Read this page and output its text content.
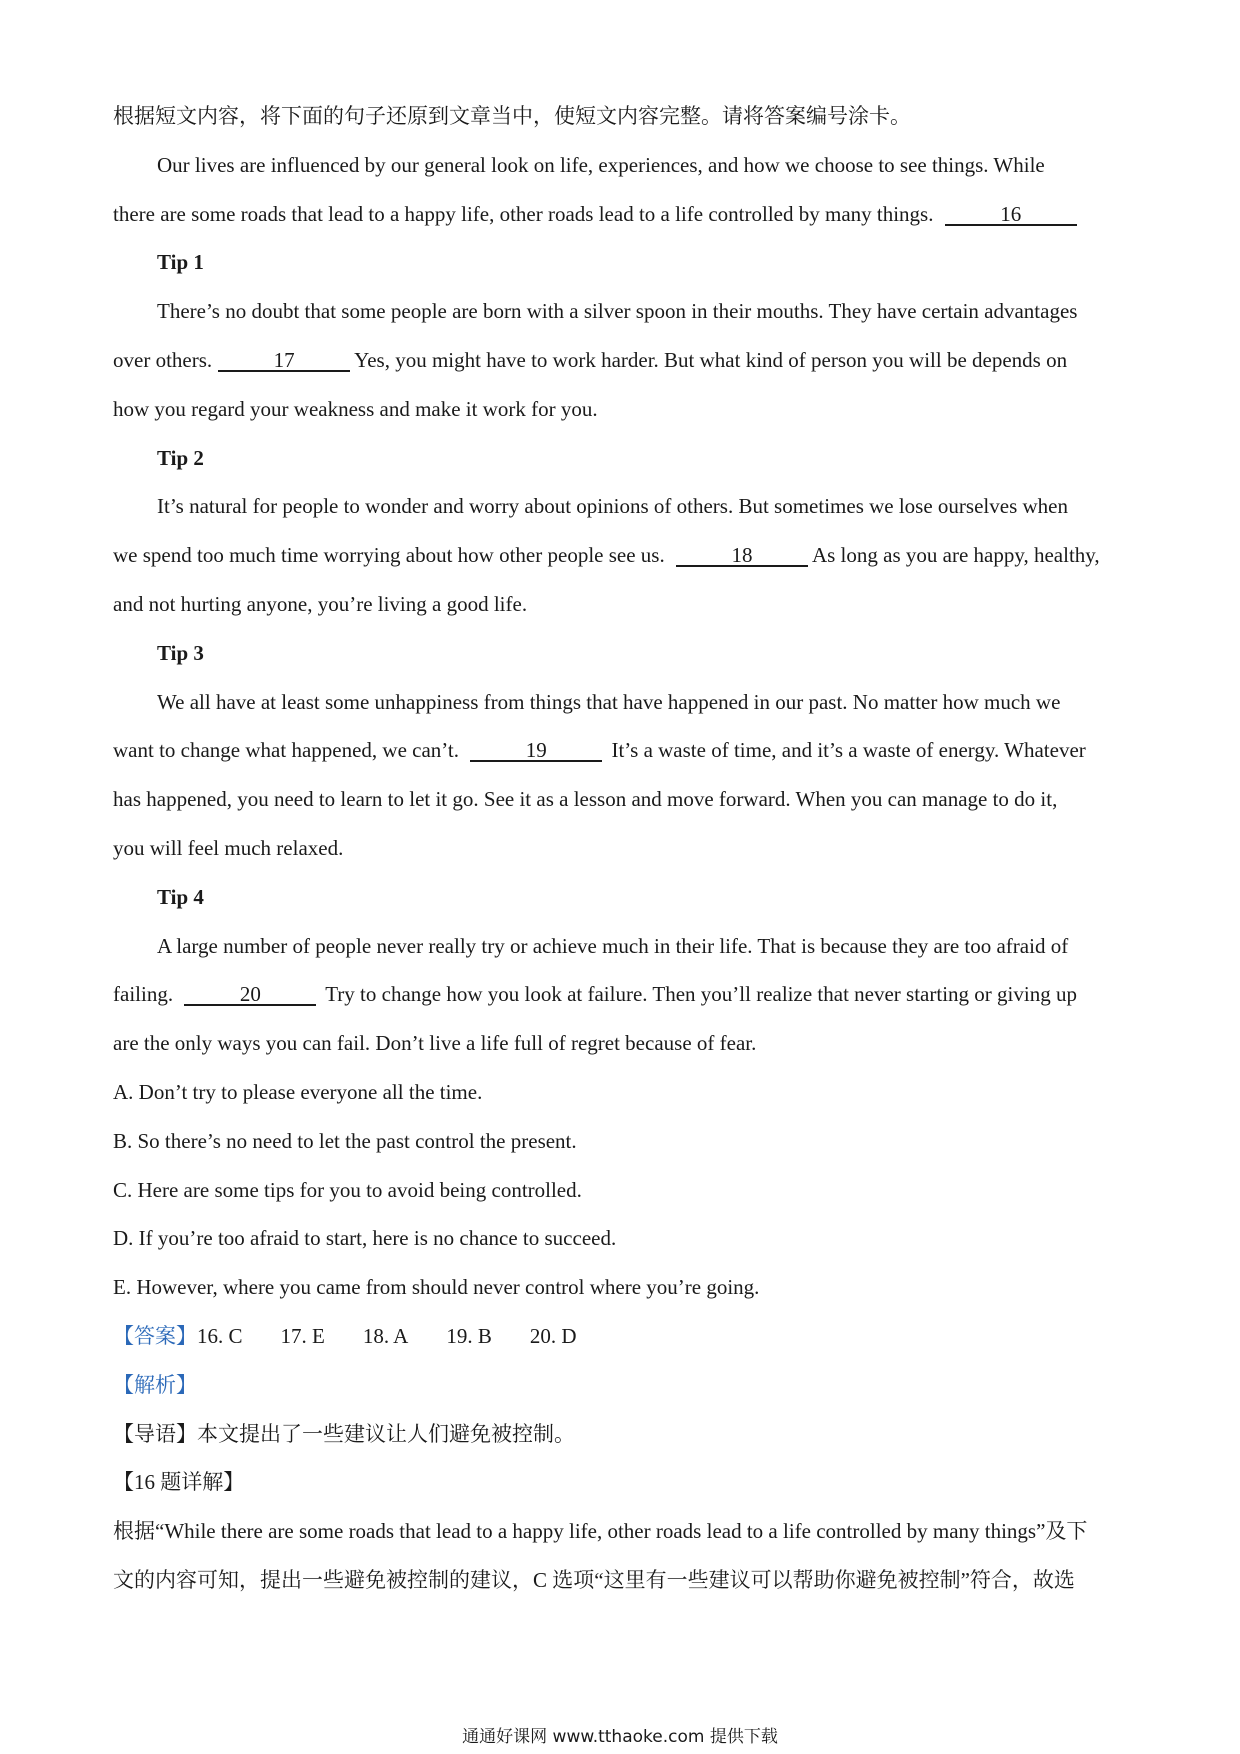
根据短文内容，将下面的句子还原到文章当中，使短文内容完整。请将答案编号涂卡。
Our lives are influenced by our general look on life, experiences, and how we choose to see things. While
there are some roads that lead to a happy life, other roads lead to a life controlled by many things.	16
Tip 1
There’s no doubt that some people are born with a silver spoon in their mouths. They have certain advantages
over others.	17	Yes, you might have to work harder. But what kind of person you will be depends on
how you regard your weakness and make it work for you.
Tip 2
It’s natural for people to wonder and worry about opinions of others. But sometimes we lose ourselves when
we spend too much time worrying about how other people see us.	18	As long as you are happy, healthy,
and not hurting anyone, you’re living a good life.
Tip 3
We all have at least some unhappiness from things that have happened in our past. No matter how much we
want to change what happened, we can’t.	19	It’s a waste of time, and it’s a waste of energy. Whatever
has happened, you need to learn to let it go. See it as a lesson and move forward. When you can manage to do it,
you will feel much relaxed.
Tip 4
A large number of people never really try or achieve much in their life. That is because they are too afraid of
failing.	20	Try to change how you look at failure. Then you’ll realize that never starting or giving up
are the only ways you can fail. Don’t live a life full of regret because of fear.
A. Don’t try to please everyone all the time.
B. So there’s no need to let the past control the present.
C. Here are some tips for you to avoid being controlled.
D. If you’re too afraid to start, here is no chance to succeed.
E. However, where you came from should never control where you’re going.
【答案】16. C 17. E 18. A 19. B 20. D
【解析】
【导语】本文提出了一些建议让人们避免被控制。
【16 题详解】
根据“While there are some roads that lead to a happy life, other roads lead to a life controlled by many things”及下
文的内容可知，提出一些避免被控制的建议，C 选项“这里有一些建议可以帮助你避免被控制”符合，故选
通通好课网 www.tthaoke.com 提供下载
